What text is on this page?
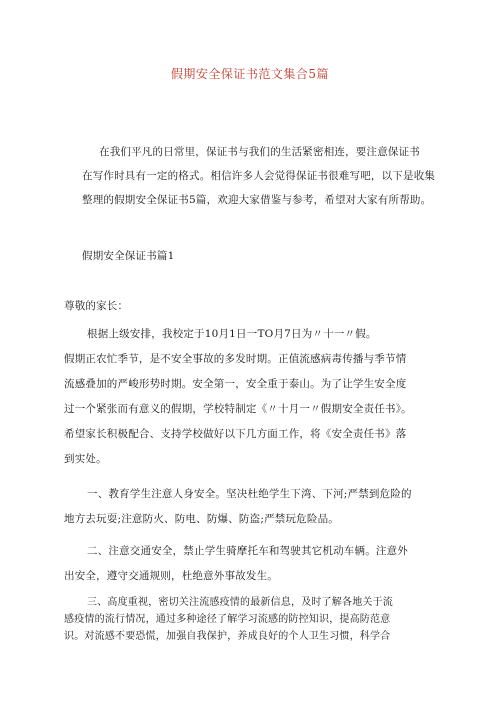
假期安全保证书范文集合5篇
在我们平凡的日常里，保证书与我们的生活紧密相连，要注意保证书
在写作时具有一定的格式。相信许多人会觉得保证书很难写吧，以下是收集
整理的假期安全保证书5篇，欢迎大家借鉴与参考，希望对大家有所帮助。
假期安全保证书篇1
尊敬的家长：
根据上级安排，我校定于10月1日一TO月7日为〃十一〃假。
假期正农忙季节，是不安全事故的多发时期。正值流感病毒传播与季节情
流感叠加的严峻形势时期。安全第一，安全重于泰山。为了让学生安全度
过一个紧张而有意义的假期，学校特制定《〃十月一〃假期安全责任书》。
希望家长积极配合、支持学校做好以下几方面工作，将《安全责任书》落
到实处。
一、教育学生注意人身安全。坚决杜绝学生下湾、下河;严禁到危险的
地方去玩耍;注意防火、防电、防爆、防盗;严禁玩危险品。
二、注意交通安全，禁止学生骑摩托车和驾驶其它机动车辆。注意外
出安全，遵守交通规则，杜绝意外事故发生。
三、高度重视，密切关注流感疫情的最新信息，及时了解各地关于流
感疫情的流行情况，通过多种途径了解学习流感的防控知识，提高防范意
识。对流感不要恐慌，加强自我保护，养成良好的个人卫生习惯，科学合
